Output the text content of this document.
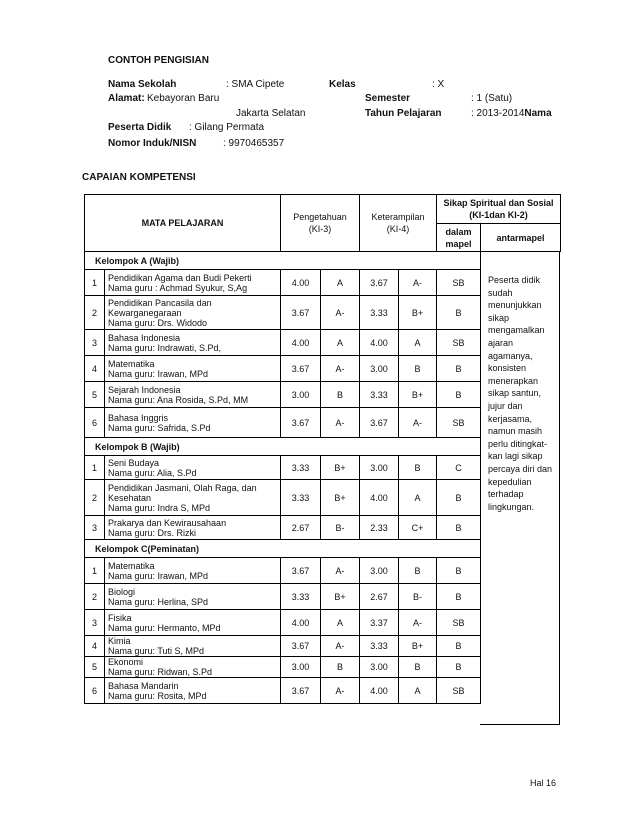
CONTOH PENGISIAN
Nama Sekolah	: SMA Cipete	Kelas	: X
Alamat: Kebayoran Baru
Jakarta Selatan
Semester	: 1 (Satu)
Tahun Pelajaran	: 2013-2014Nama
Peserta Didik : Gilang Permata
Nomor Induk/NISN	: 9970465357
CAPAIAN KOMPETENSI
MATA PELAJARAN
Pengetahuan (KI-3)
Keterampilan (KI-4)
Sikap Spiritual dan Sosial (KI-1dan KI-2)
dalam mapel
antarmapel
Kelompok A (Wajib)						
1	Pendidikan Agama dan Budi Pekerti
Nama guru : Achmad Syukur, S,Ag	4.00	A	3.67	A-	SB
2	Pendidikan Pancasila dan
Kewarganegaraan
Nama guru: Drs. Widodo	3.67	A-	3.33	B+	B
3	Bahasa Indonesia
Nama guru: Indrawati, S.Pd,	4.00	A	4.00	A	SB
4	Matematika
Nama guru: Irawan, MPd	3.67	A-	3.00	B	B
5	Sejarah Indonesia
Nama guru: Ana Rosida, S.Pd, MM	3.00	B	3.33	B+	B
6	Bahasa Inggris
Nama guru: Safrida, S.Pd	3.67	A-	3.67	A-	SB
Kelompok B (Wajib)						
1	Seni Budaya
Nama guru: Alia, S.Pd	3.33	B+	3.00	B	C
2	Pendidikan Jasmani, Olah Raga, dan
Kesehatan
Nama guru: Indra S, MPd	3.33	B+	4.00	A	B
3	Prakarya dan Kewirausahaan
Nama guru: Drs. Rizki	2.67	B-	2.33	C+	B
Kelompok C(Peminatan)						
1	Matematika
Nama guru: Irawan, MPd	3.67	A-	3.00	B	B
2	Biologi
Nama guru: Herlina, SPd	3.33	B+	2.67	B-	B
3	Fisika
Nama guru: Hermanto, MPd	4.00	A	3.37	A-	SB
4	Kimia
Nama guru: Tuti S, MPd	3.67	A-	3.33	B+	B
5	Ekonomi
Nama guru: Ridwan, S.Pd	3.00	B	3.00	B	B
6	Bahasa Mandarin
Nama guru: Rosita, MPd	3.67	A-	4.00	A	SB
Peserta didik
sudah
menunjukkan
sikap
mengamalkan
ajaran
agamanya,
konsisten
menerapkan
sikap santun,
jujur dan
kerjasama,
namun masih
perlu ditingkat-
kan lagi sikap
percaya diri dan
kepedulian
terhadap
lingkungan.
Hal 16
